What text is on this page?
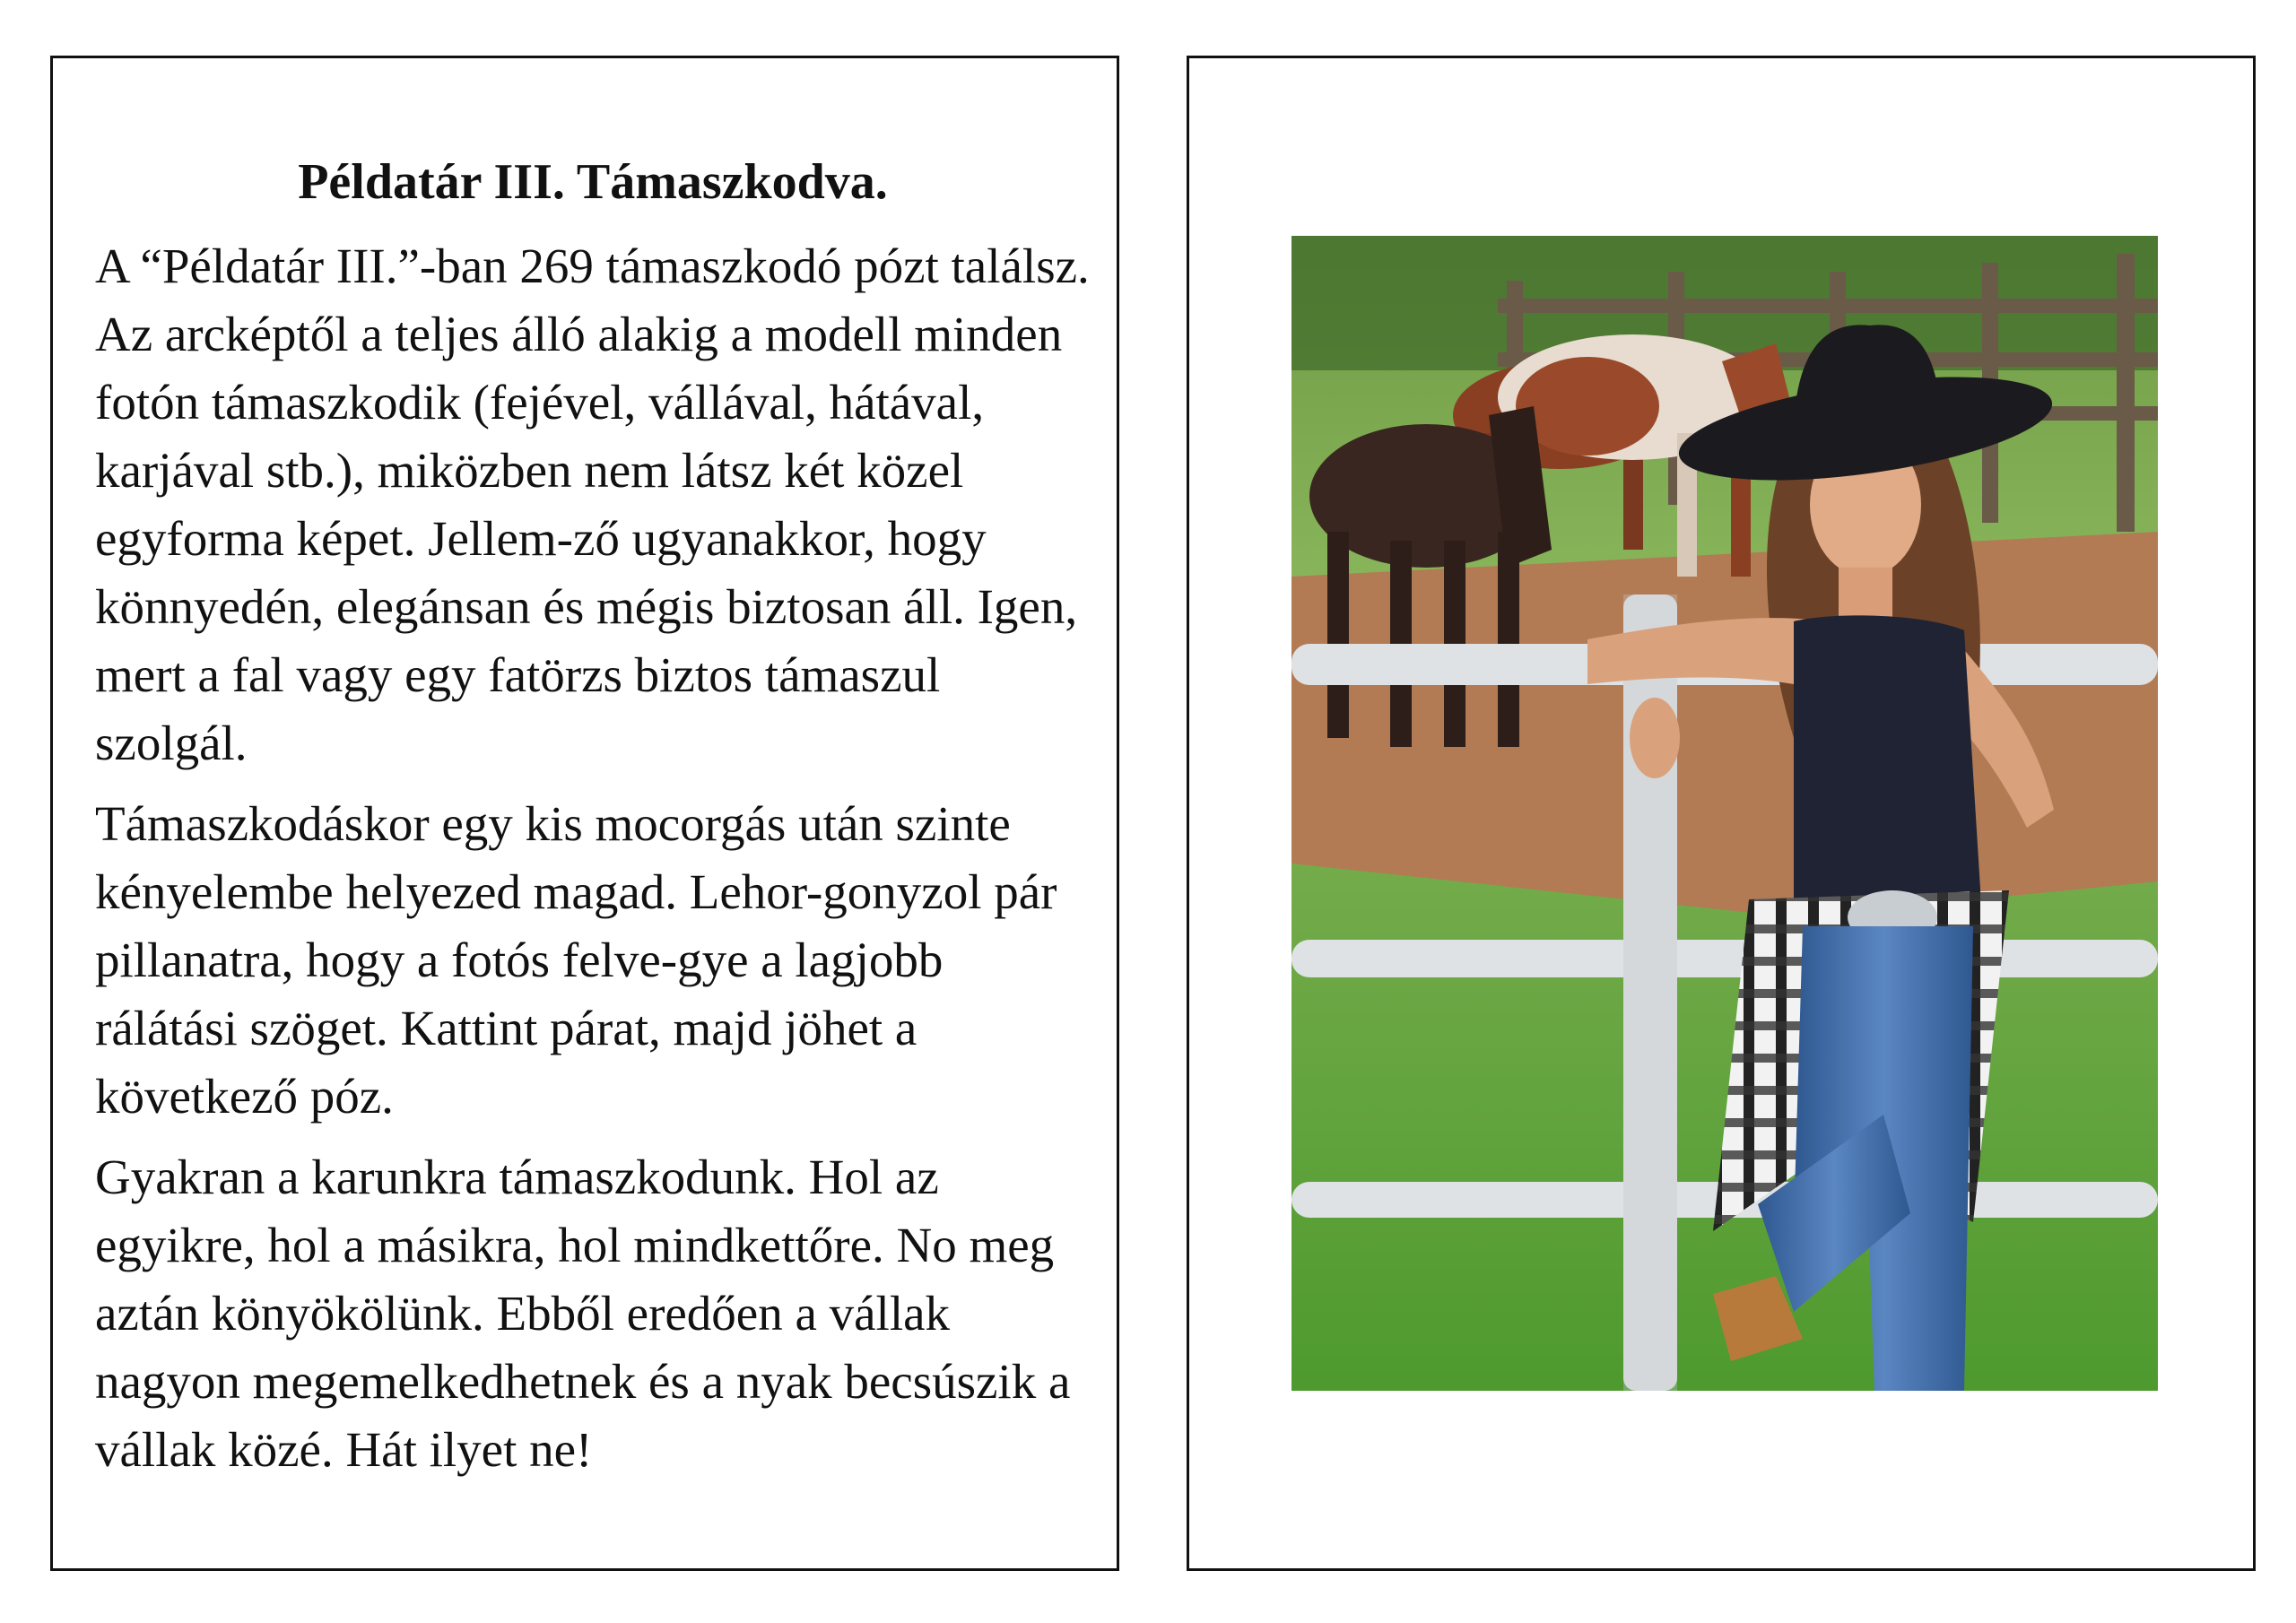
Példatár III. Támaszkodva.

A “Példatár III.”-ban 269 támaszkodó pózt találsz. Az arcképtől a teljes álló alakig a modell minden fotón támaszkodik (fejével, vállával, hátával, karjával stb.), miközben nem látsz két közel egyforma képet. Jellem-ző ugyanakkor, hogy könnyedén, elegánsan és mégis biztosan áll. Igen, mert a fal vagy egy fatörzs biztos támaszul szolgál.

Támaszkodáskor egy kis mocorgás után szinte kényelembe helyezed magad. Lehor-gonyzol pár pillanatra, hogy a fotós felve-gye a lagjobb rálátási szöget. Kattint párat, majd jöhet a következő póz.

Gyakran a karunkra támaszkodunk. Hol az egyikre, hol a másikra, hol mindkettőre. No meg aztán könyökölünk. Ebből eredően a vállak nagyon megemelkedhetnek és a nyak becsúszik a vállak közé. Hát ilyet ne!
